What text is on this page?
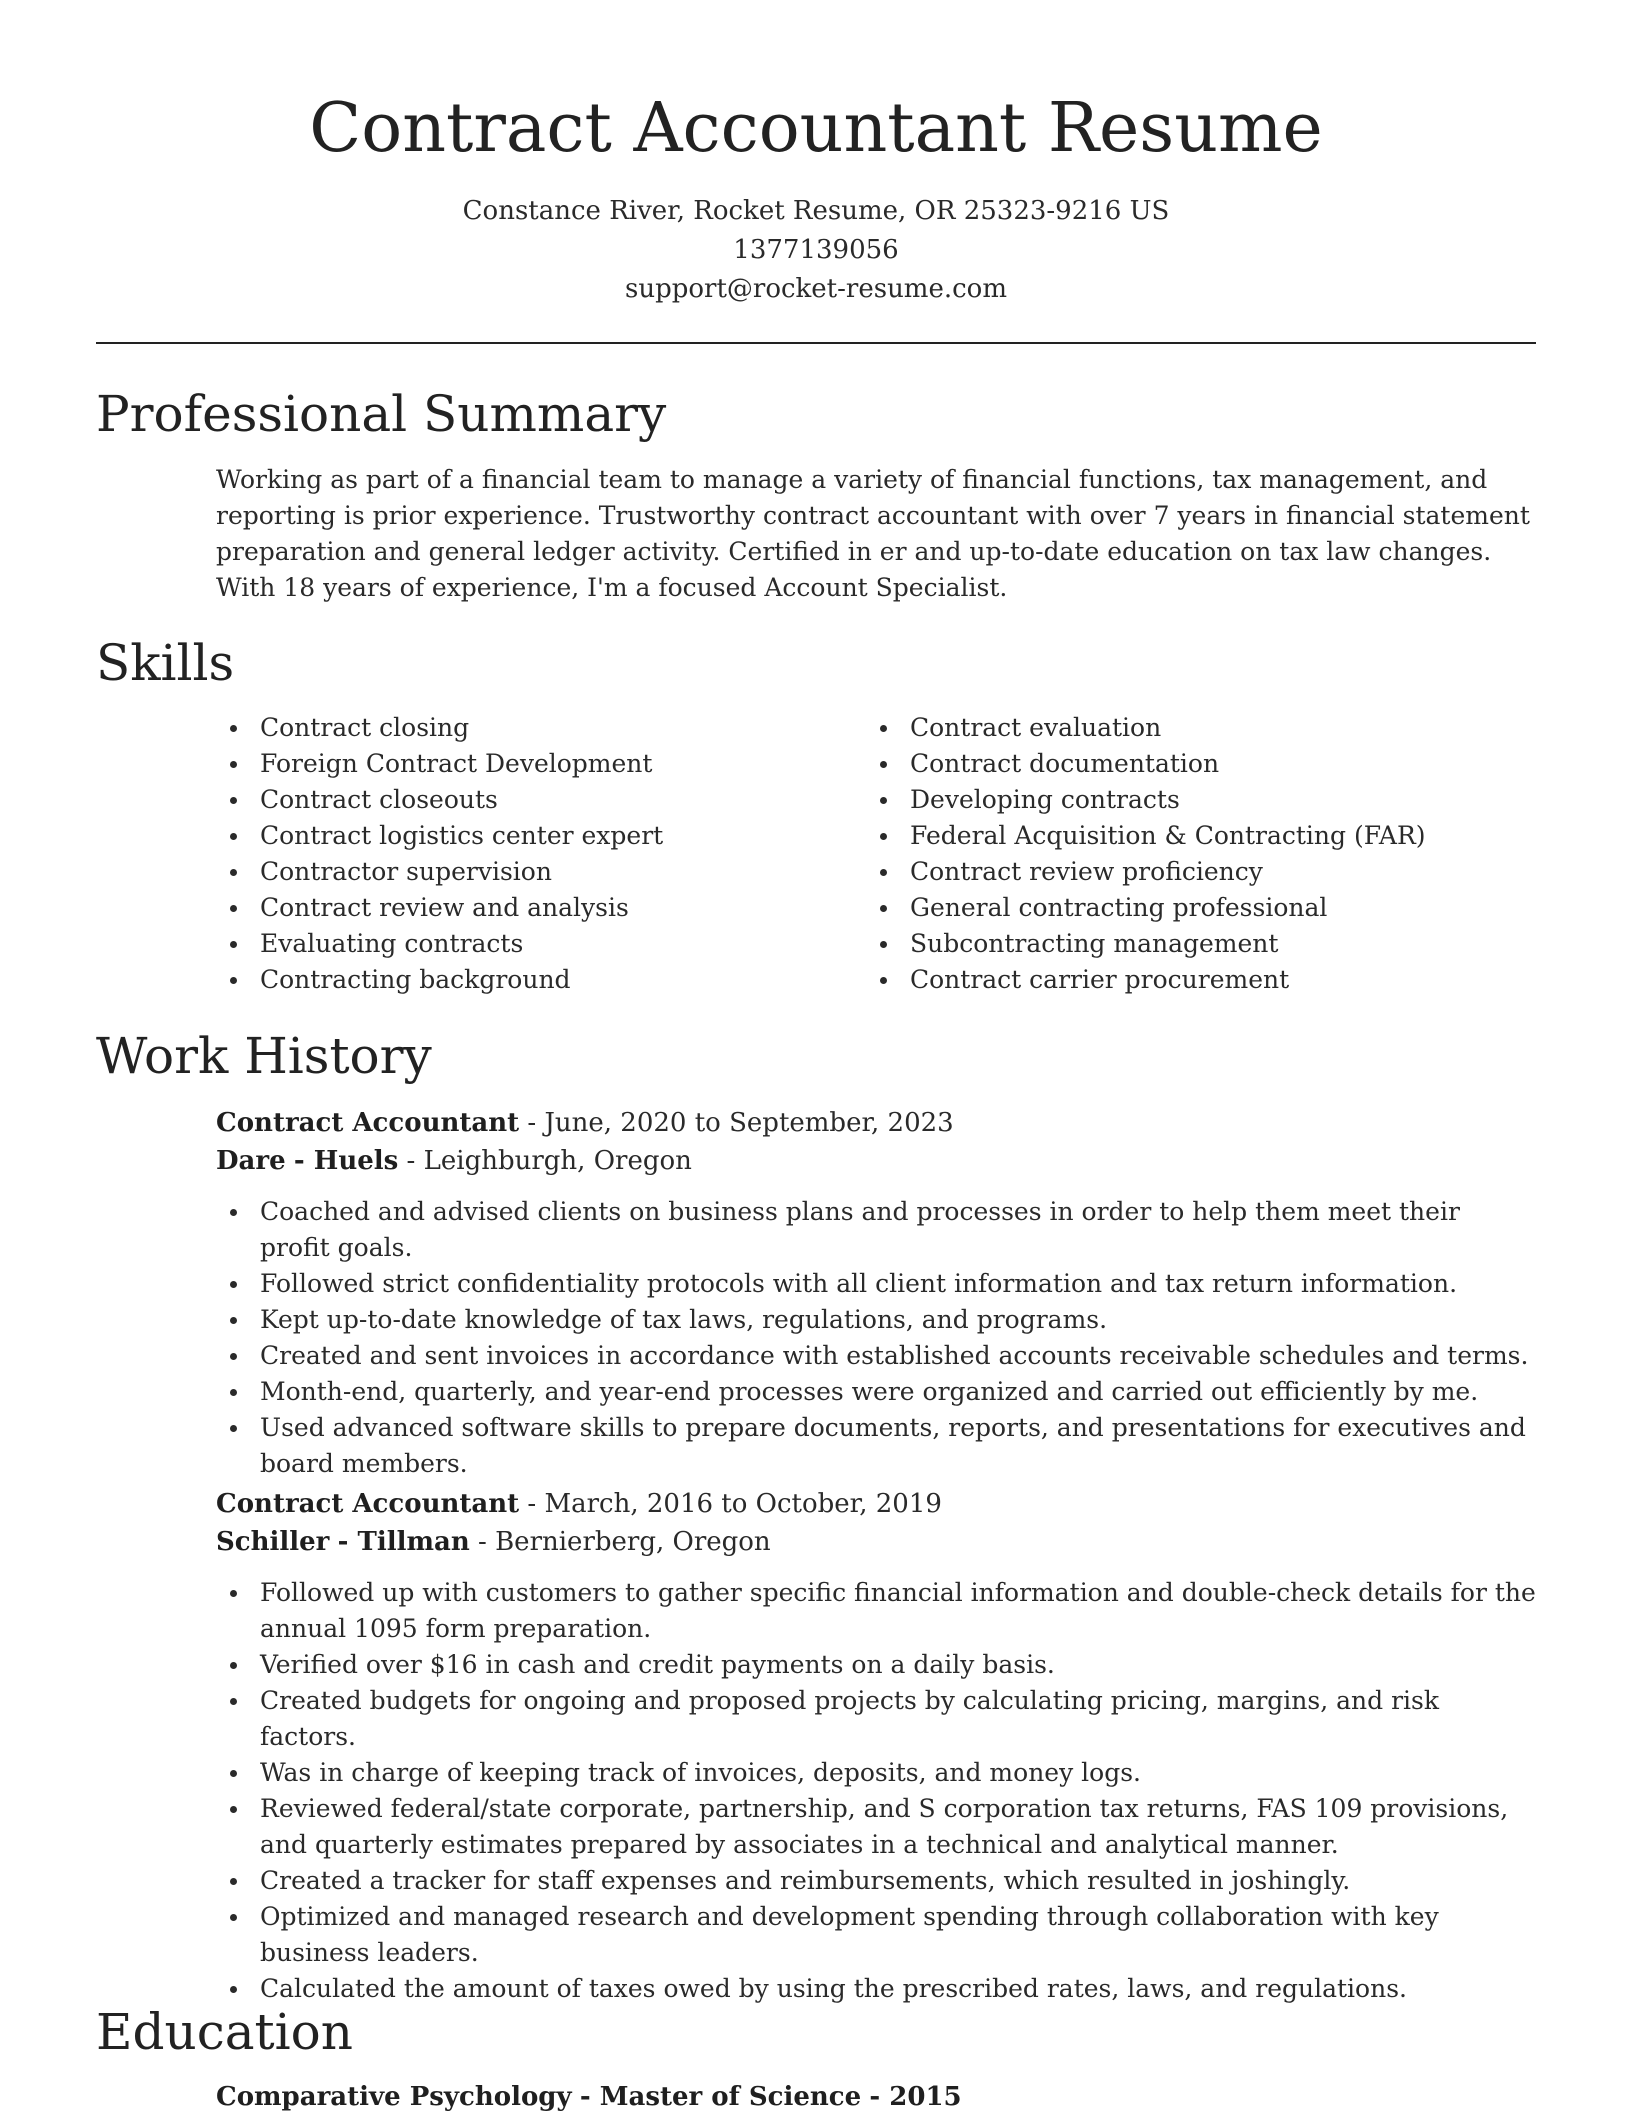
Contract Accountant Resume
Constance River, Rocket Resume, OR 25323-9216 US
1377139056
support@rocket-resume.com
Professional Summary

Working as part of a financial team to manage a variety of financial functions, tax management, and reporting is prior experience. Trustworthy contract accountant with over 7 years in financial statement preparation and general ledger activity. Certified in er and up-to-date education on tax law changes. With 18 years of experience, I'm a focused Account Specialist.

Skills
Contract closing
Foreign Contract Development
Contract closeouts
Contract logistics center expert
Contractor supervision
Contract review and analysis
Evaluating contracts
Contracting background
Contract evaluation
Contract documentation
Developing contracts
Federal Acquisition & Contracting (FAR)
Contract review proficiency
General contracting professional
Subcontracting management
Contract carrier procurement
Work History
Contract Accountant - June, 2020 to September, 2023
Dare - Huels - Leighburgh, Oregon
Coached and advised clients on business plans and processes in order to help them meet their profit goals.
Followed strict confidentiality protocols with all client information and tax return information.
Kept up-to-date knowledge of tax laws, regulations, and programs.
Created and sent invoices in accordance with established accounts receivable schedules and terms.
Month-end, quarterly, and year-end processes were organized and carried out efficiently by me.
Used advanced software skills to prepare documents, reports, and presentations for executives and board members.
Contract Accountant - March, 2016 to October, 2019
Schiller - Tillman - Bernierberg, Oregon
Followed up with customers to gather specific financial information and double-check details for the annual 1095 form preparation.
Verified over $16 in cash and credit payments on a daily basis.
Created budgets for ongoing and proposed projects by calculating pricing, margins, and risk factors.
Was in charge of keeping track of invoices, deposits, and money logs.
Reviewed federal/state corporate, partnership, and S corporation tax returns, FAS 109 provisions, and quarterly estimates prepared by associates in a technical and analytical manner.
Created a tracker for staff expenses and reimbursements, which resulted in joshingly.
Optimized and managed research and development spending through collaboration with key business leaders.
Calculated the amount of taxes owed by using the prescribed rates, laws, and regulations.
Education
Comparative Psychology - Master of Science - 2015
